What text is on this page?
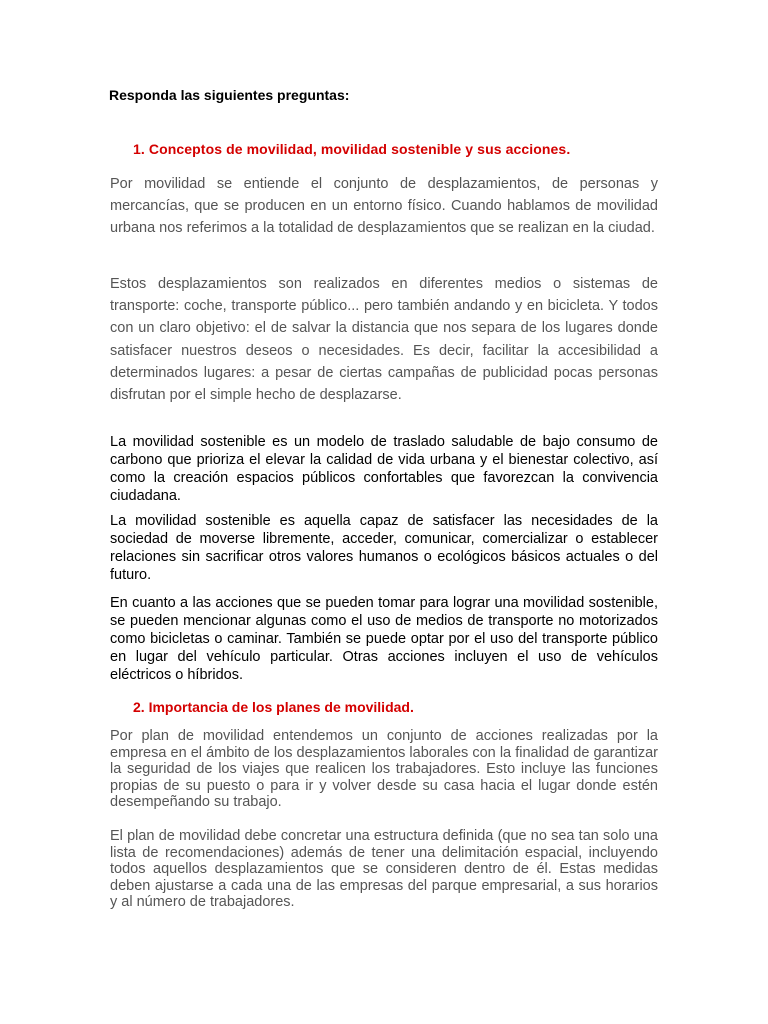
Responda las siguientes preguntas:

1. Conceptos de movilidad, movilidad sostenible y sus acciones.

Por movilidad se entiende el conjunto de desplazamientos, de personas y mercancías, que se producen en un entorno físico. Cuando hablamos de movilidad urbana nos referimos a la totalidad de desplazamientos que se realizan en la ciudad.

Estos desplazamientos son realizados en diferentes medios o sistemas de transporte: coche, transporte público... pero también andando y en bicicleta. Y todos con un claro objetivo: el de salvar la distancia que nos separa de los lugares donde satisfacer nuestros deseos o necesidades. Es decir, facilitar la accesibilidad a determinados lugares: a pesar de ciertas campañas de publicidad pocas personas disfrutan por el simple hecho de desplazarse.

La movilidad sostenible es un modelo de traslado saludable de bajo consumo de carbono que prioriza el elevar la calidad de vida urbana y el bienestar colectivo, así como la creación espacios públicos confortables que favorezcan la convivencia ciudadana.

La movilidad sostenible es aquella capaz de satisfacer las necesidades de la sociedad de moverse libremente, acceder, comunicar, comercializar o establecer relaciones sin sacrificar otros valores humanos o ecológicos básicos actuales o del futuro.

En cuanto a las acciones que se pueden tomar para lograr una movilidad sostenible, se pueden mencionar algunas como el uso de medios de transporte no motorizados como bicicletas o caminar. También se puede optar por el uso del transporte público en lugar del vehículo particular. Otras acciones incluyen el uso de vehículos eléctricos o híbridos.

2. Importancia de los planes de movilidad.

Por plan de movilidad entendemos un conjunto de acciones realizadas por la empresa en el ámbito de los desplazamientos laborales con la finalidad de garantizar la seguridad de los viajes que realicen los trabajadores. Esto incluye las funciones propias de su puesto o para ir y volver desde su casa hacia el lugar donde estén desempeñando su trabajo.

El plan de movilidad debe concretar una estructura definida (que no sea tan solo una lista de recomendaciones) además de tener una delimitación espacial, incluyendo todos aquellos desplazamientos que se consideren dentro de él. Estas medidas deben ajustarse a cada una de las empresas del parque empresarial, a sus horarios y al número de trabajadores.
